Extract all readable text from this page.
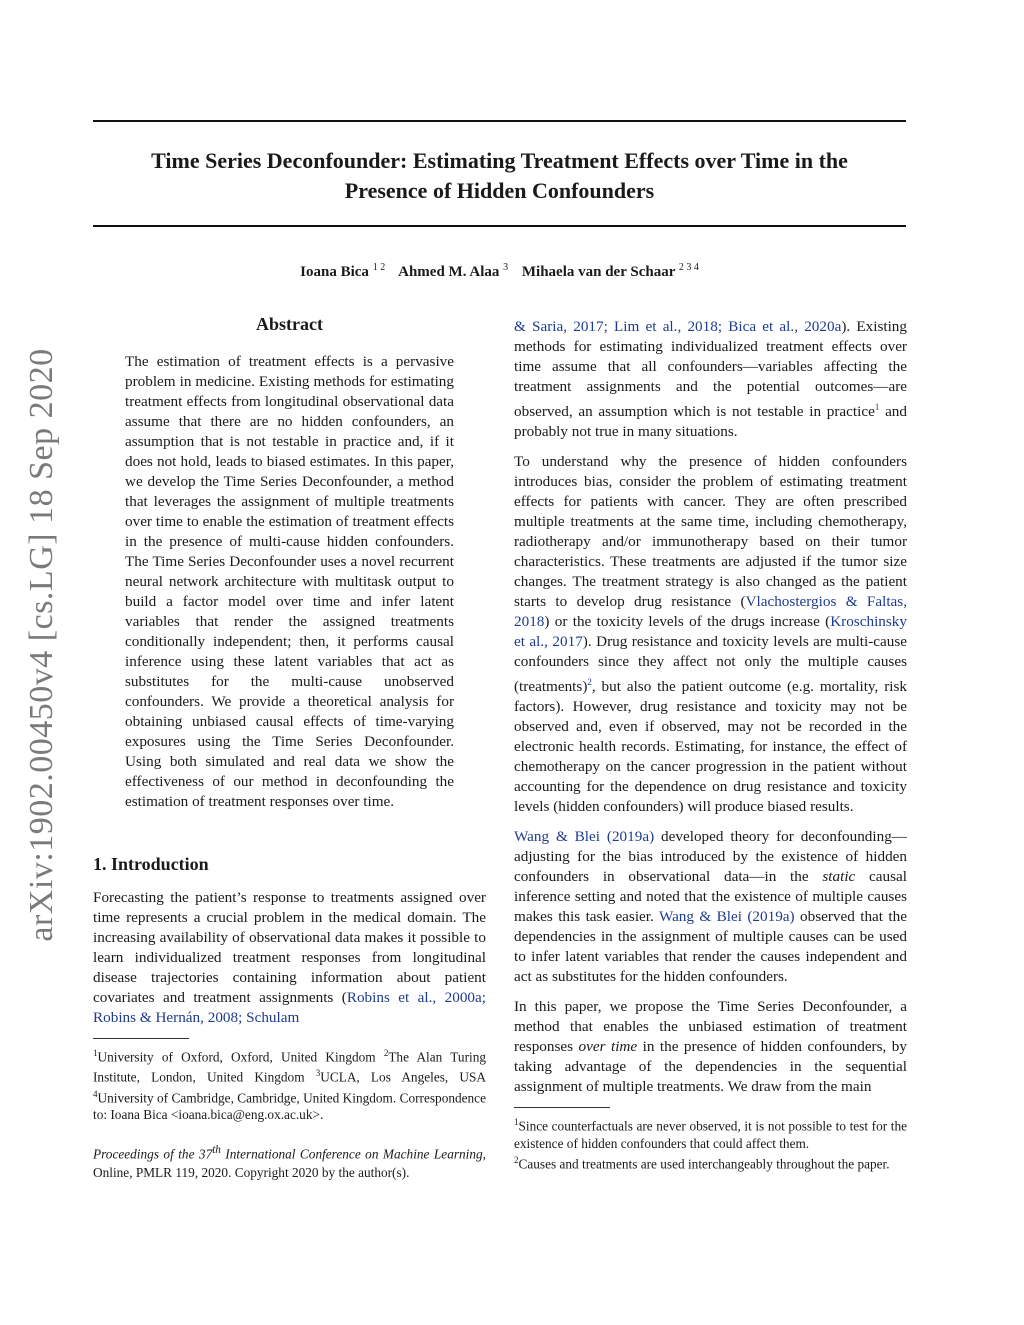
Time Series Deconfounder: Estimating Treatment Effects over Time in the
Presence of Hidden Confounders
Ioana Bica $^{1 2}$ Ahmed M. Alaa $^3$ Mihaela van der Schaar $^{2 3 4}$
arXiv:1902.00450v4 [cs.LG] 18 Sep 2020
Abstract
The estimation of treatment effects is a pervasive problem in medicine. Existing methods for estimating treatment effects from longitudinal observational data assume that there are no hidden confounders, an assumption that is not testable in practice and, if it does not hold, leads to biased estimates. In this paper, we develop the Time Series Deconfounder, a method that leverages the assignment of multiple treatments over time to enable the estimation of treatment effects in the presence of multi-cause hidden confounders. The Time Series Deconfounder uses a novel recurrent neural network architecture with multitask output to build a factor model over time and infer latent variables that render the assigned treatments conditionally independent; then, it performs causal inference using these latent variables that act as substitutes for the multi-cause unobserved confounders. We provide a theoretical analysis for obtaining unbiased causal effects of time-varying exposures using the Time Series Deconfounder. Using both simulated and real data we show the effectiveness of our method in deconfounding the estimation of treatment responses over time.
1. Introduction

Forecasting the patient’s response to treatments assigned over time represents a crucial problem in the medical domain. The increasing availability of observational data makes it possible to learn individualized treatment responses from longitudinal disease trajectories containing information about patient covariates and treatment assignments (Robins et al., 2000a; Robins & Hernán, 2008; Schulam

$^1$University of Oxford, Oxford, United Kingdom $^2$The Alan Turing Institute, London, United Kingdom $^3$UCLA, Los Angeles, USA $^4$University of Cambridge, Cambridge, United Kingdom. Correspondence to: Ioana Bica <ioana.bica@eng.ox.ac.uk>.
Proceedings of the 37th International Conference on Machine Learning, Online, PMLR 119, 2020. Copyright 2020 by the author(s).

& Saria, 2017; Lim et al., 2018; Bica et al., 2020a). Existing methods for estimating individualized treatment effects over time assume that all confounders—variables affecting the treatment assignments and the potential outcomes—are observed, an assumption which is not testable in practice$^1$ and probably not true in many situations.

To understand why the presence of hidden confounders introduces bias, consider the problem of estimating treatment effects for patients with cancer. They are often prescribed multiple treatments at the same time, including chemotherapy, radiotherapy and/or immunotherapy based on their tumor characteristics. These treatments are adjusted if the tumor size changes. The treatment strategy is also changed as the patient starts to develop drug resistance (Vlachostergios & Faltas, 2018) or the toxicity levels of the drugs increase (Kroschinsky et al., 2017). Drug resistance and toxicity levels are multi-cause confounders since they affect not only the multiple causes (treatments)$^2$, but also the patient outcome (e.g. mortality, risk factors). However, drug resistance and toxicity may not be observed and, even if observed, may not be recorded in the electronic health records. Estimating, for instance, the effect of chemotherapy on the cancer progression in the patient without accounting for the dependence on drug resistance and toxicity levels (hidden confounders) will produce biased results.

Wang & Blei (2019a) developed theory for deconfounding—adjusting for the bias introduced by the existence of hidden confounders in observational data—in the static causal inference setting and noted that the existence of multiple causes makes this task easier. Wang & Blei (2019a) observed that the dependencies in the assignment of multiple causes can be used to infer latent variables that render the causes independent and act as substitutes for the hidden confounders.

In this paper, we propose the Time Series Deconfounder, a method that enables the unbiased estimation of treatment responses over time in the presence of hidden confounders, by taking advantage of the dependencies in the sequential assignment of multiple treatments. We draw from the main

$^1$Since counterfactuals are never observed, it is not possible to test for the existence of hidden confounders that could affect them.
$^2$Causes and treatments are used interchangeably throughout the paper.
